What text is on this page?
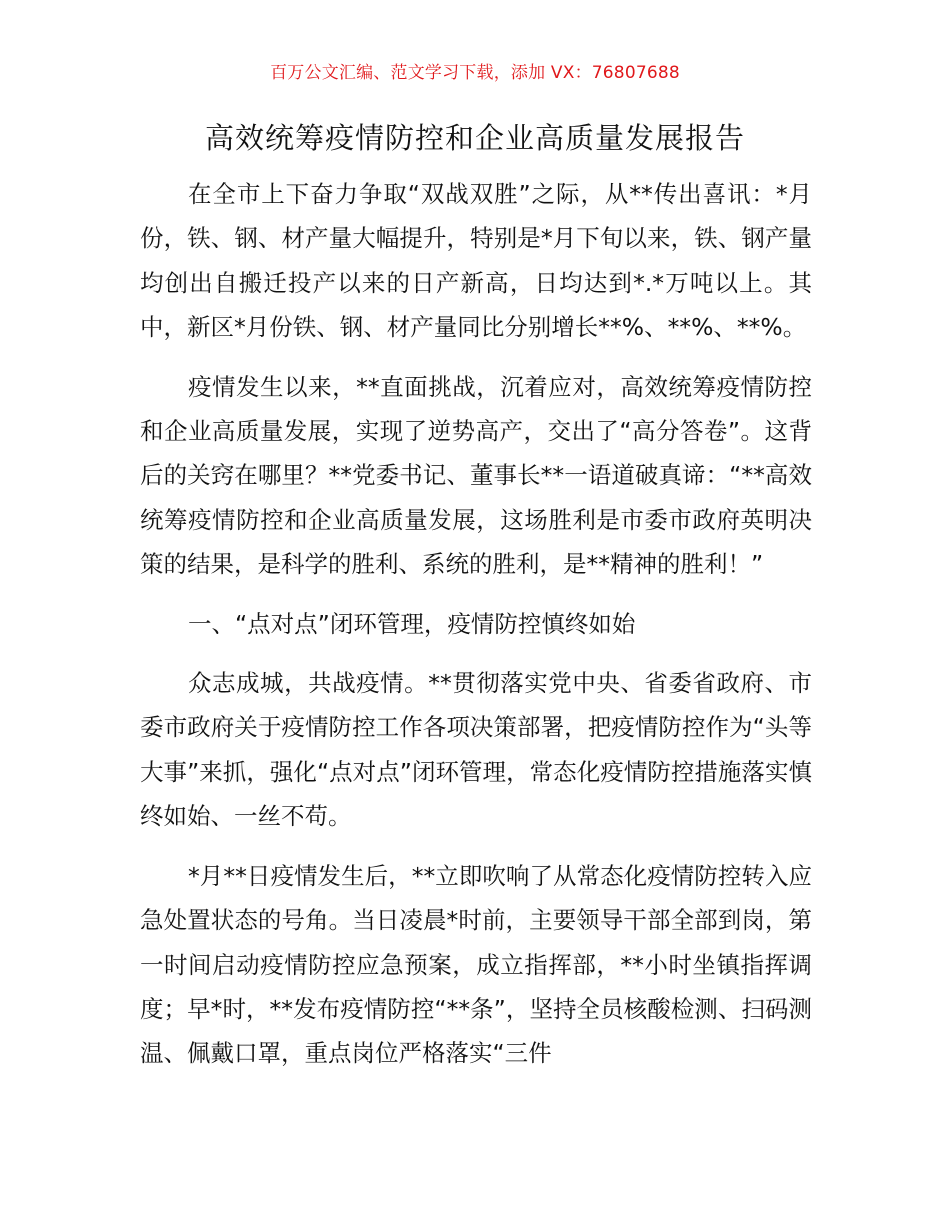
百万公文汇编、范文学习下载，添加 VX：76807688
高效统筹疫情防控和企业高质量发展报告

在全市上下奋力争取“双战双胜”之际，从**传出喜讯：*月份，铁、钢、材产量大幅提升，特别是*月下旬以来，铁、钢产量均创出自搬迁投产以来的日产新高，日均达到*.*万吨以上。其中，新区*月份铁、钢、材产量同比分别增长**%、**%、**%。

疫情发生以来，**直面挑战，沉着应对，高效统筹疫情防控和企业高质量发展，实现了逆势高产，交出了“高分答卷”。这背后的关窍在哪里？**党委书记、董事长**一语道破真谛：“**高效统筹疫情防控和企业高质量发展，这场胜利是市委市政府英明决策的结果，是科学的胜利、系统的胜利，是**精神的胜利！”

一、“点对点”闭环管理，疫情防控慎终如始

众志成城，共战疫情。**贯彻落实党中央、省委省政府、市委市政府关于疫情防控工作各项决策部署，把疫情防控作为“头等大事”来抓，强化“点对点”闭环管理，常态化疫情防控措施落实慎终如始、一丝不苟。

*月**日疫情发生后，**立即吹响了从常态化疫情防控转入应急处置状态的号角。当日凌晨*时前，主要领导干部全部到岗，第一时间启动疫情防控应急预案，成立指挥部，**小时坐镇指挥调度；早*时，**发布疫情防控“**条”，坚持全员核酸检测、扫码测温、佩戴口罩，重点岗位严格落实“三件
